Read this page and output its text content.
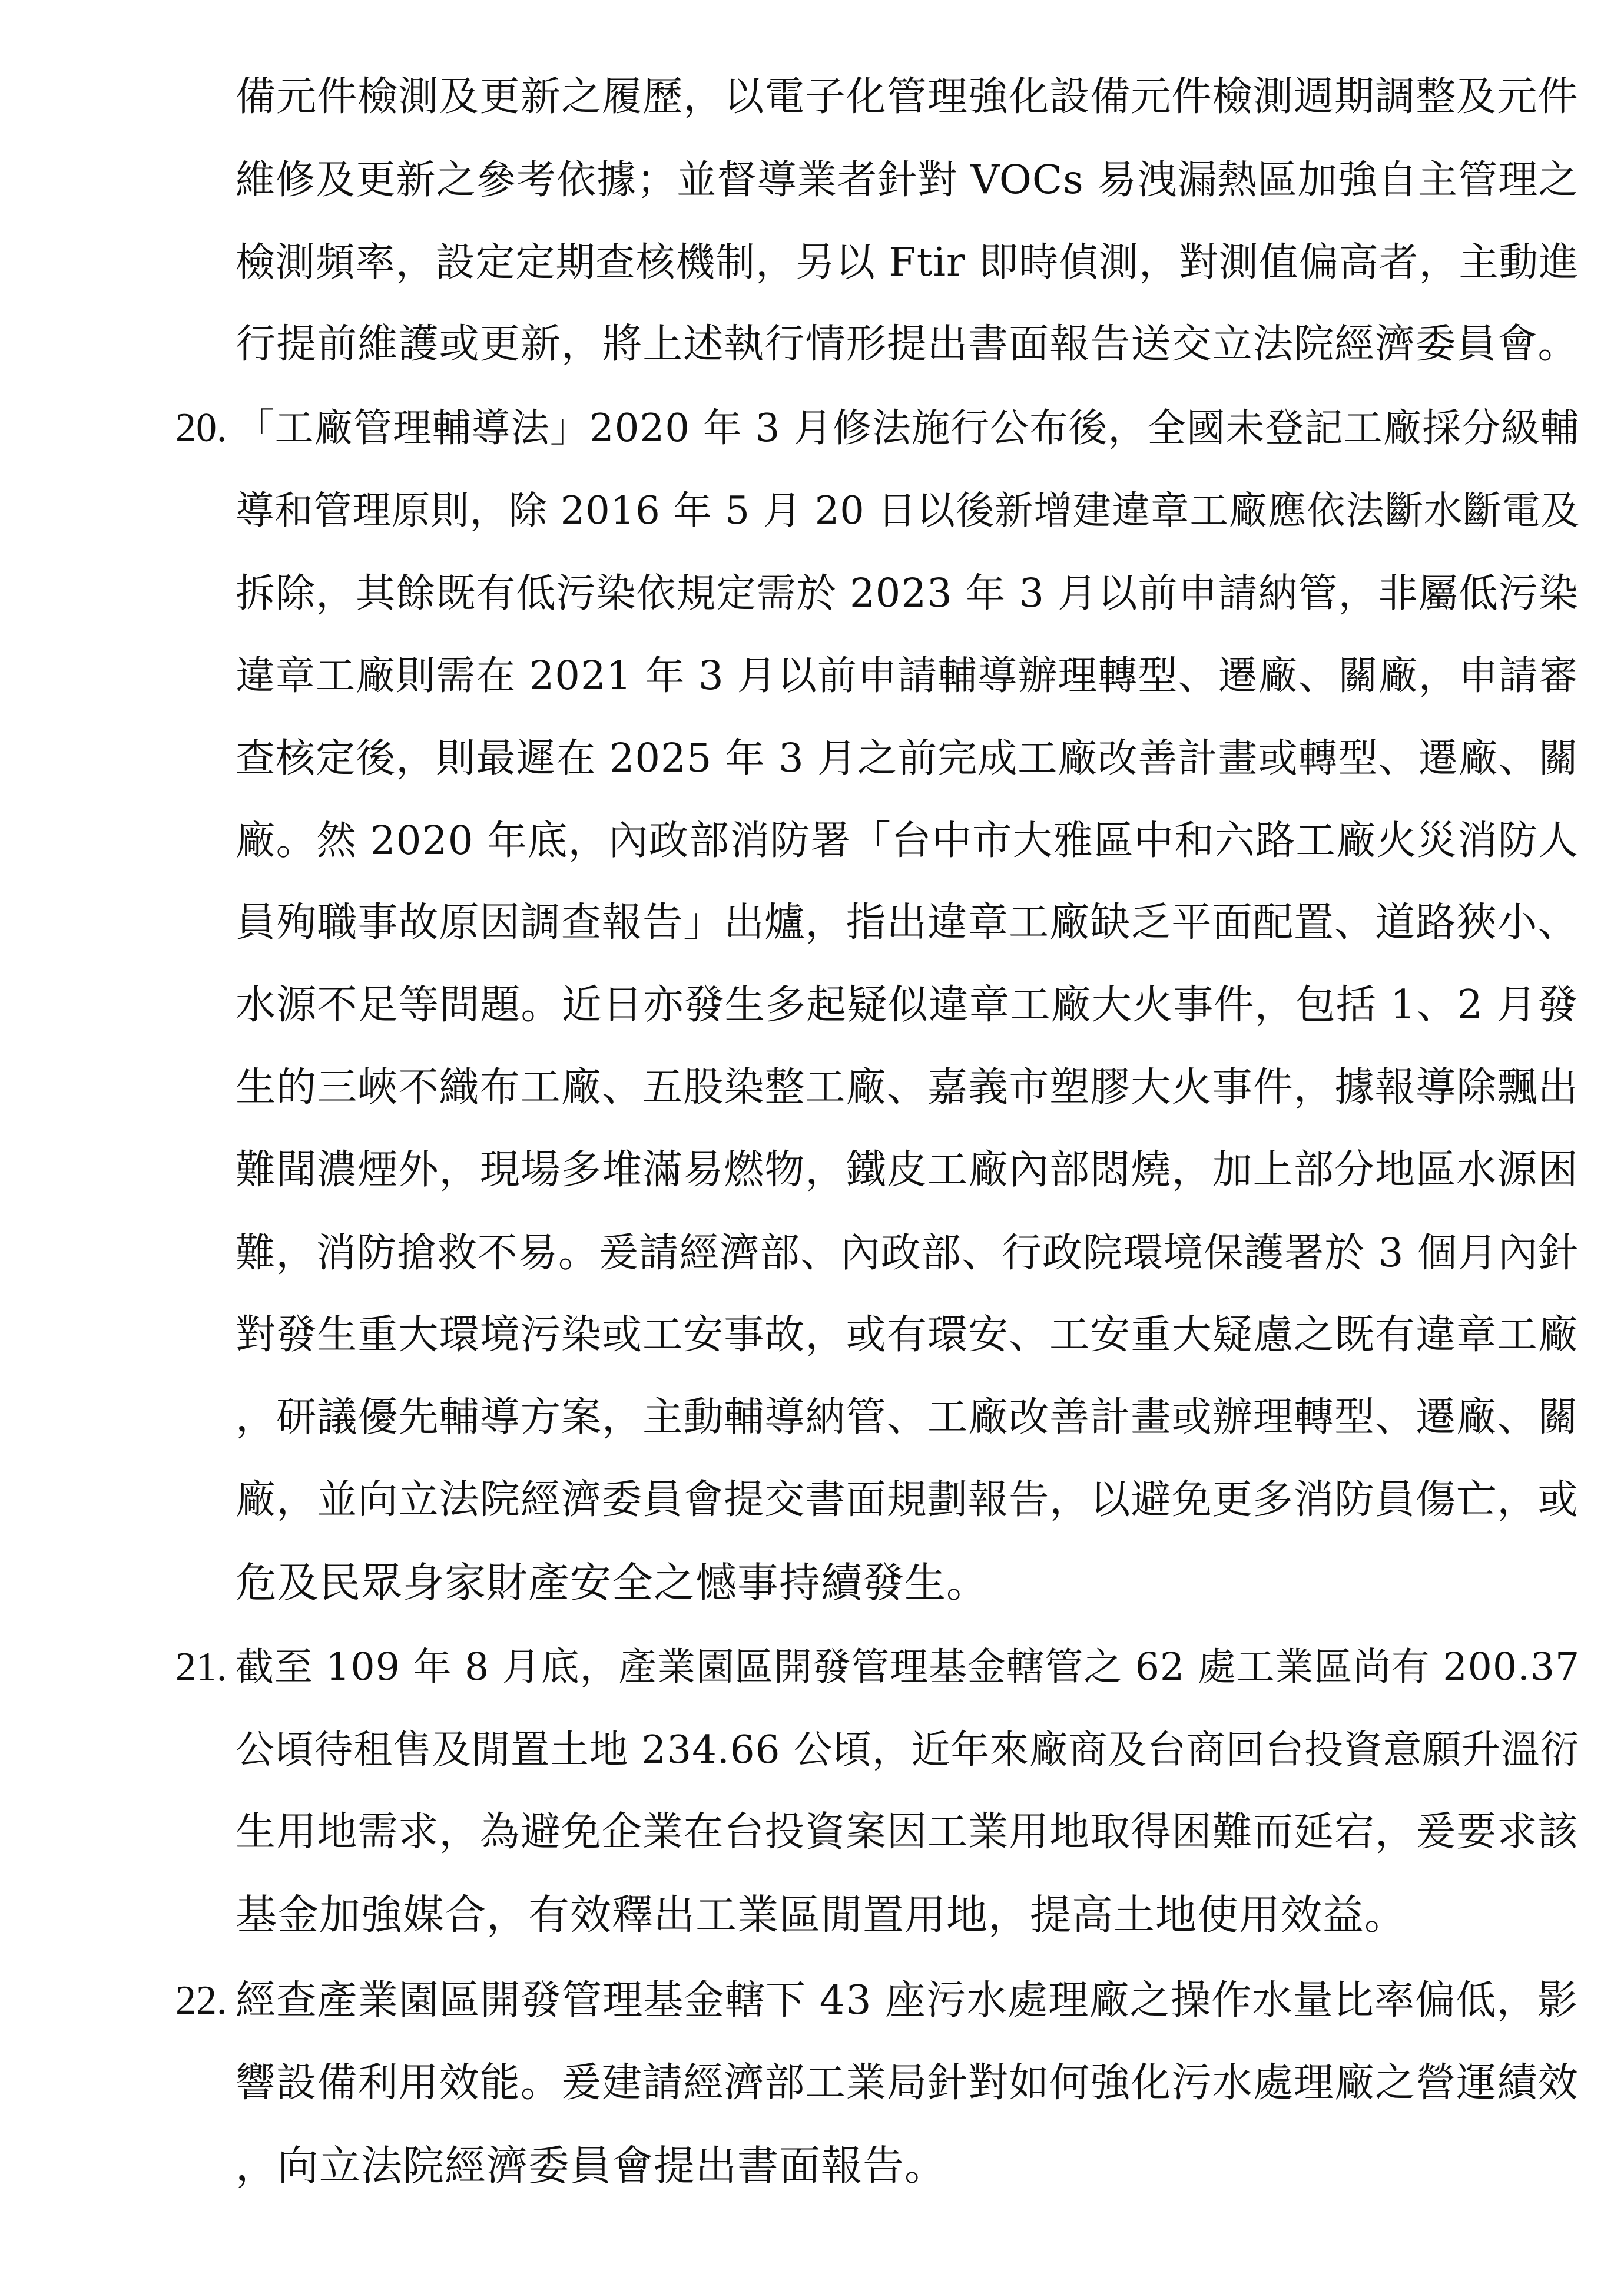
備元件檢測及更新之履歷，以電子化管理強化設備元件檢測週期調整及元件
維修及更新之參考依據；並督導業者針對 VOCs 易洩漏熱區加強自主管理之
檢測頻率，設定定期查核機制，另以 Ftir 即時偵測，對測值偏高者，主動進
行提前維護或更新，將上述執行情形提出書面報告送交立法院經濟委員會。
20. 「工廠管理輔導法」2020 年 3 月修法施行公布後，全國未登記工廠採分級輔
導和管理原則，除 2016 年 5 月 20 日以後新增建違章工廠應依法斷水斷電及
拆除，其餘既有低污染依規定需於 2023 年 3 月以前申請納管，非屬低污染
違章工廠則需在 2021 年 3 月以前申請輔導辦理轉型、遷廠、關廠，申請審
查核定後，則最遲在 2025 年 3 月之前完成工廠改善計畫或轉型、遷廠、關
廠。然 2020 年底，內政部消防署「台中市大雅區中和六路工廠火災消防人
員殉職事故原因調查報告」出爐，指出違章工廠缺乏平面配置、道路狹小、
水源不足等問題。近日亦發生多起疑似違章工廠大火事件，包括 1、2 月發
生的三峽不織布工廠、五股染整工廠、嘉義市塑膠大火事件，據報導除飄出
難聞濃煙外，現場多堆滿易燃物，鐵皮工廠內部悶燒，加上部分地區水源困
難，消防搶救不易。爰請經濟部、內政部、行政院環境保護署於 3 個月內針
對發生重大環境污染或工安事故，或有環安、工安重大疑慮之既有違章工廠
，研議優先輔導方案，主動輔導納管、工廠改善計畫或辦理轉型、遷廠、關
廠，並向立法院經濟委員會提交書面規劃報告，以避免更多消防員傷亡，或
危及民眾身家財產安全之憾事持續發生。
21. 截至 109 年 8 月底，產業園區開發管理基金轄管之 62 處工業區尚有 200.37
公頃待租售及閒置土地 234.66 公頃，近年來廠商及台商回台投資意願升溫衍
生用地需求，為避免企業在台投資案因工業用地取得困難而延宕，爰要求該
基金加強媒合，有效釋出工業區閒置用地，提高土地使用效益。
22. 經查產業園區開發管理基金轄下 43 座污水處理廠之操作水量比率偏低，影
響設備利用效能。爰建請經濟部工業局針對如何強化污水處理廠之營運績效
，向立法院經濟委員會提出書面報告。
